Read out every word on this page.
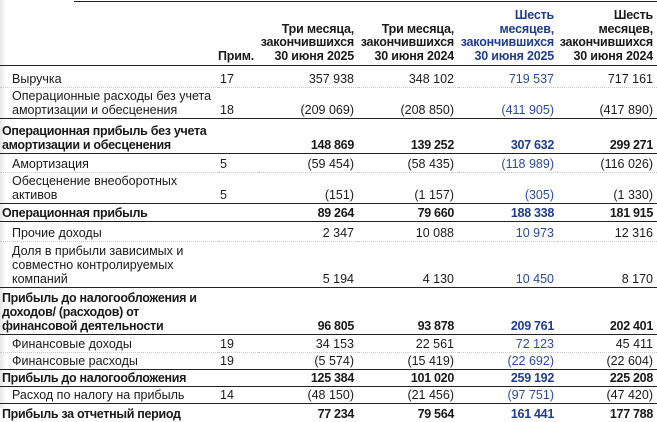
	Прим.	
Три месяца,
закончившихся
30 июня 2025

Три месяца,
закончившихся
30 июня 2024

Шесть месяцев,
закончившихся
30 июня 2025

Шесть месяцев,
закончившихся
30 июня 2024

Выручка	17	357 938	348 102	719 537	717 161
Операционные расходы без учета амортизации и обесценения	18	(209 069)	(208 850)	(411 905)	(417 890)
Операционная прибыль без учета амортизации и обесценения		148 869	139 252	307 632	299 271
Амортизация	5	(59 454)	(58 435)	(118 989)	(116 026)
Обесценение внеоборотных активов	5	(151)	(1 157)	(305)	(1 330)
Операционная прибыль		89 264	79 660	188 338	181 915
Прочие доходы		2 347	10 088	10 973	12 316
Доля в прибыли зависимых и совместно контролируемых компаний		5 194	4 130	10 450	8 170
Прибыль до налогообложения и доходов/ (расходов) от финансовой деятельности		96 805	93 878	209 761	202 401
Финансовые доходы	19	34 153	22 561	72 123	45 411
Финансовые расходы	19	(5 574)	(15 419)	(22 692)	(22 604)
Прибыль до налогообложения		125 384	101 020	259 192	225 208
Расход по налогу на прибыль	14	(48 150)	(21 456)	(97 751)	(47 420)
Прибыль за отчетный период		77 234	79 564	161 441	177 788
